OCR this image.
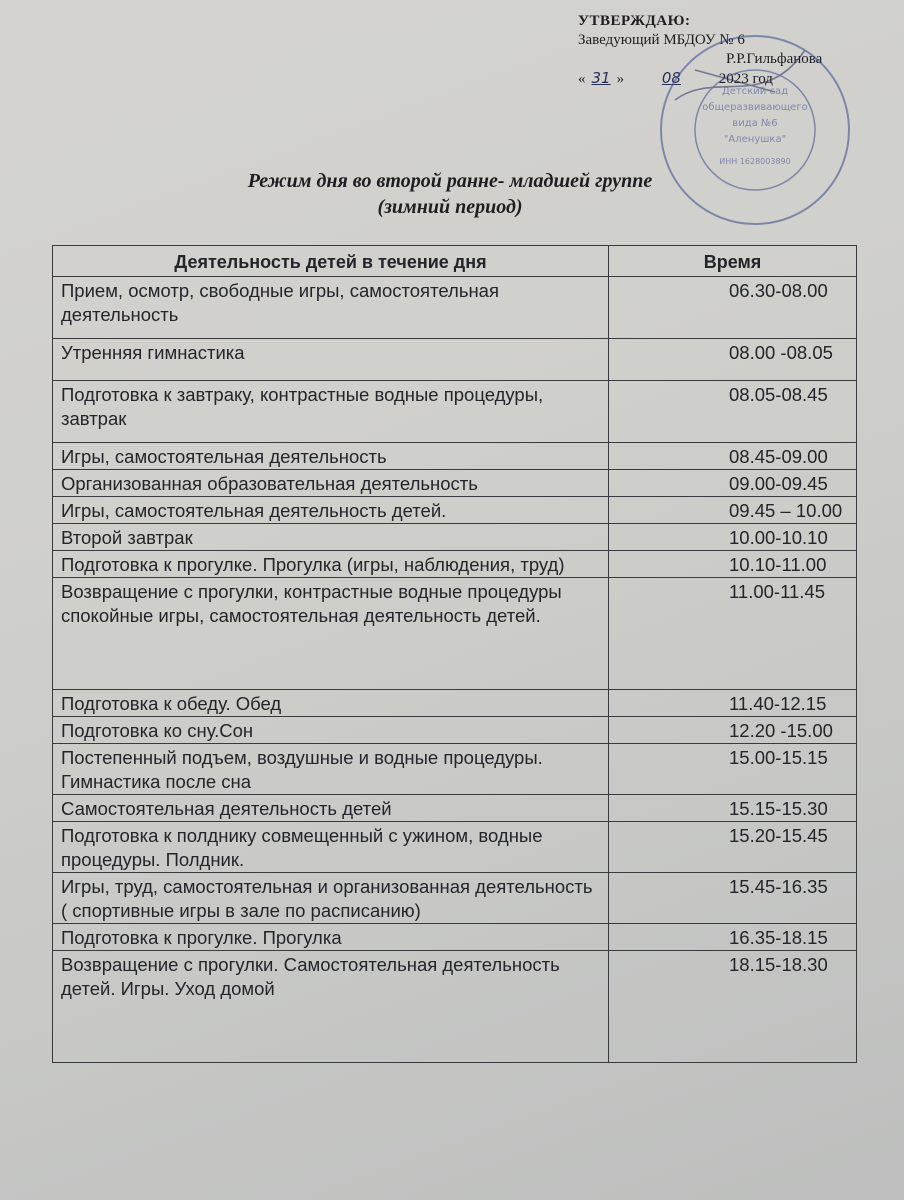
УТВЕРЖДАЮ:
Заведующий МБДОУ № 6
Р.Р.Гильфанова
« 31 »	08	2023 год
Детский сад
общеразвивающего
вида №6
"Аленушка"
ИНН 1628003890
Режим дня во второй ранне- младшей группе
(зимний период)
Деятельность детей в течение дня	Время
Прием, осмотр, свободные игры, самостоятельная деятельность	06.30-08.00
Утренняя гимнастика	08.00 -08.05
Подготовка к завтраку, контрастные водные процедуры, завтрак	08.05-08.45
Игры, самостоятельная деятельность	08.45-09.00
Организованная образовательная деятельность	09.00-09.45
Игры, самостоятельная деятельность детей.	09.45 – 10.00
Второй завтрак	10.00-10.10
Подготовка к прогулке. Прогулка (игры, наблюдения, труд)	10.10-11.00
Возвращение с прогулки, контрастные водные процедуры спокойные игры, самостоятельная деятельность детей.	11.00-11.45
Подготовка к обеду. Обед	11.40-12.15
Подготовка ко сну.Сон	12.20 -15.00
Постепенный подъем, воздушные и водные процедуры. Гимнастика после сна	15.00-15.15
Самостоятельная деятельность детей	15.15-15.30
Подготовка к полднику совмещенный с ужином, водные процедуры. Полдник.	15.20-15.45
Игры, труд, самостоятельная и организованная деятельность ( спортивные игры в зале по расписанию)	15.45-16.35
Подготовка к прогулке. Прогулка	16.35-18.15
Возвращение с прогулки. Самостоятельная деятельность детей. Игры. Уход домой	18.15-18.30
